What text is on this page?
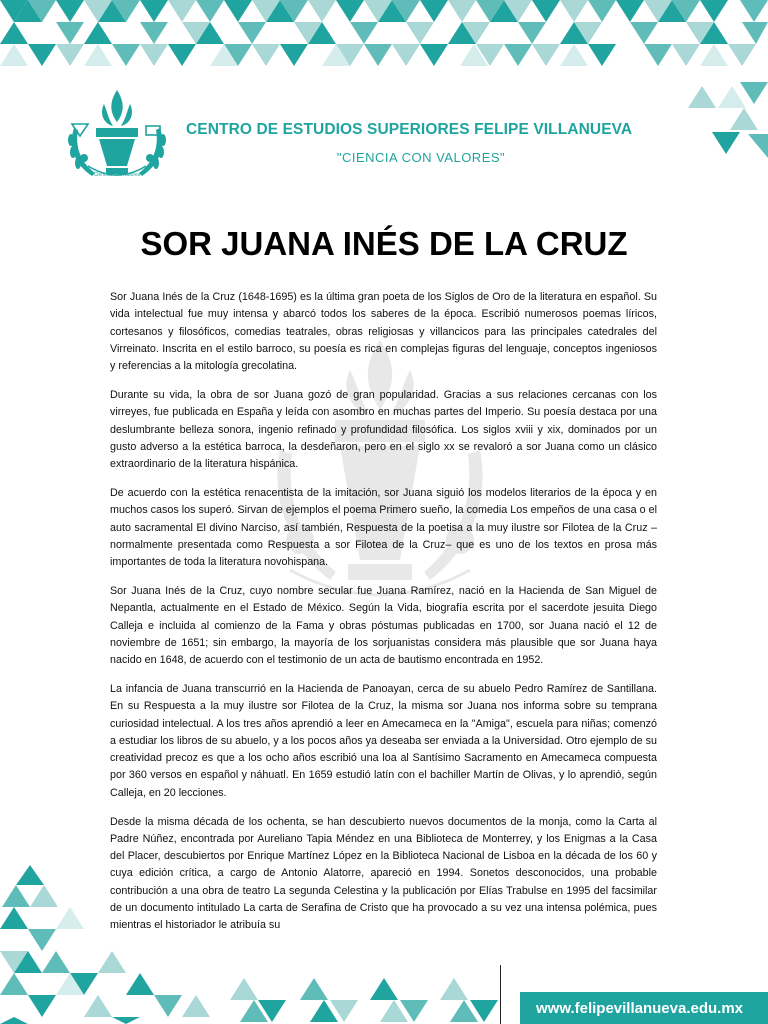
Ciencias con Valores
CENTRO DE ESTUDIOS SUPERIORES FELIPE VILLANUEVA
"CIENCIA CON VALORES"
SOR JUANA INÉS DE LA CRUZ

Sor Juana Inés de la Cruz (1648-1695) es la última gran poeta de los Siglos de Oro de la literatura en español. Su vida intelectual fue muy intensa y abarcó todos los saberes de la época. Escribió numerosos poemas líricos, cortesanos y filosóficos, comedias teatrales, obras religiosas y villancicos para las principales catedrales del Virreinato. Inscrita en el estilo barroco, su poesía es rica en complejas figuras del lenguaje, conceptos ingeniosos y referencias a la mitología grecolatina.

Durante su vida, la obra de sor Juana gozó de gran popularidad. Gracias a sus relaciones cercanas con los virreyes, fue publicada en España y leída con asombro en muchas partes del Imperio. Su poesía destaca por una deslumbrante belleza sonora, ingenio refinado y profundidad filosófica. Los siglos xviii y xix, dominados por un gusto adverso a la estética barroca, la desdeñaron, pero en el siglo xx se revaloró a sor Juana como un clásico extraordinario de la literatura hispánica.

De acuerdo con la estética renacentista de la imitación, sor Juana siguió los modelos literarios de la época y en muchos casos los superó. Sirvan de ejemplos el poema Primero sueño, la comedia Los empeños de una casa o el auto sacramental El divino Narciso, así también, Respuesta de la poetisa a la muy ilustre sor Filotea de la Cruz –normalmente presentada como Respuesta a sor Filotea de la Cruz– que es uno de los textos en prosa más importantes de toda la literatura novohispana.

Sor Juana Inés de la Cruz, cuyo nombre secular fue Juana Ramírez, nació en la Hacienda de San Miguel de Nepantla, actualmente en el Estado de México. Según la Vida, biografía escrita por el sacerdote jesuita Diego Calleja e incluida al comienzo de la Fama y obras póstumas publicadas en 1700, sor Juana nació el 12 de noviembre de 1651; sin embargo, la mayoría de los sorjuanistas considera más plausible que sor Juana haya nacido en 1648, de acuerdo con el testimonio de un acta de bautismo encontrada en 1952.

La infancia de Juana transcurrió en la Hacienda de Panoayan, cerca de su abuelo Pedro Ramírez de Santillana. En su Respuesta a la muy ilustre sor Filotea de la Cruz, la misma sor Juana nos informa sobre su temprana curiosidad intelectual. A los tres años aprendió a leer en Amecameca en la "Amiga", escuela para niñas; comenzó a estudiar los libros de su abuelo, y a los pocos años ya deseaba ser enviada a la Universidad. Otro ejemplo de su creatividad precoz es que a los ocho años escribió una loa al Santísimo Sacramento en Amecameca compuesta por 360 versos en español y náhuatl. En 1659 estudió latín con el bachiller Martín de Olivas, y lo aprendió, según Calleja, en 20 lecciones.

Desde la misma década de los ochenta, se han descubierto nuevos documentos de la monja, como la Carta al Padre Núñez, encontrada por Aureliano Tapia Méndez en una Biblioteca de Monterrey, y los Enigmas a la Casa del Placer, descubiertos por Enrique Martínez López en la Biblioteca Nacional de Lisboa en la década de los 60 y cuya edición crítica, a cargo de Antonio Alatorre, apareció en 1994. Sonetos desconocidos, una probable contribución a una obra de teatro La segunda Celestina y la publicación por Elías Trabulse en 1995 del facsimilar de un documento intitulado La carta de Serafina de Cristo que ha provocado a su vez una intensa polémica, pues mientras el historiador le atribuía su

www.felipevillanueva.edu.mx
